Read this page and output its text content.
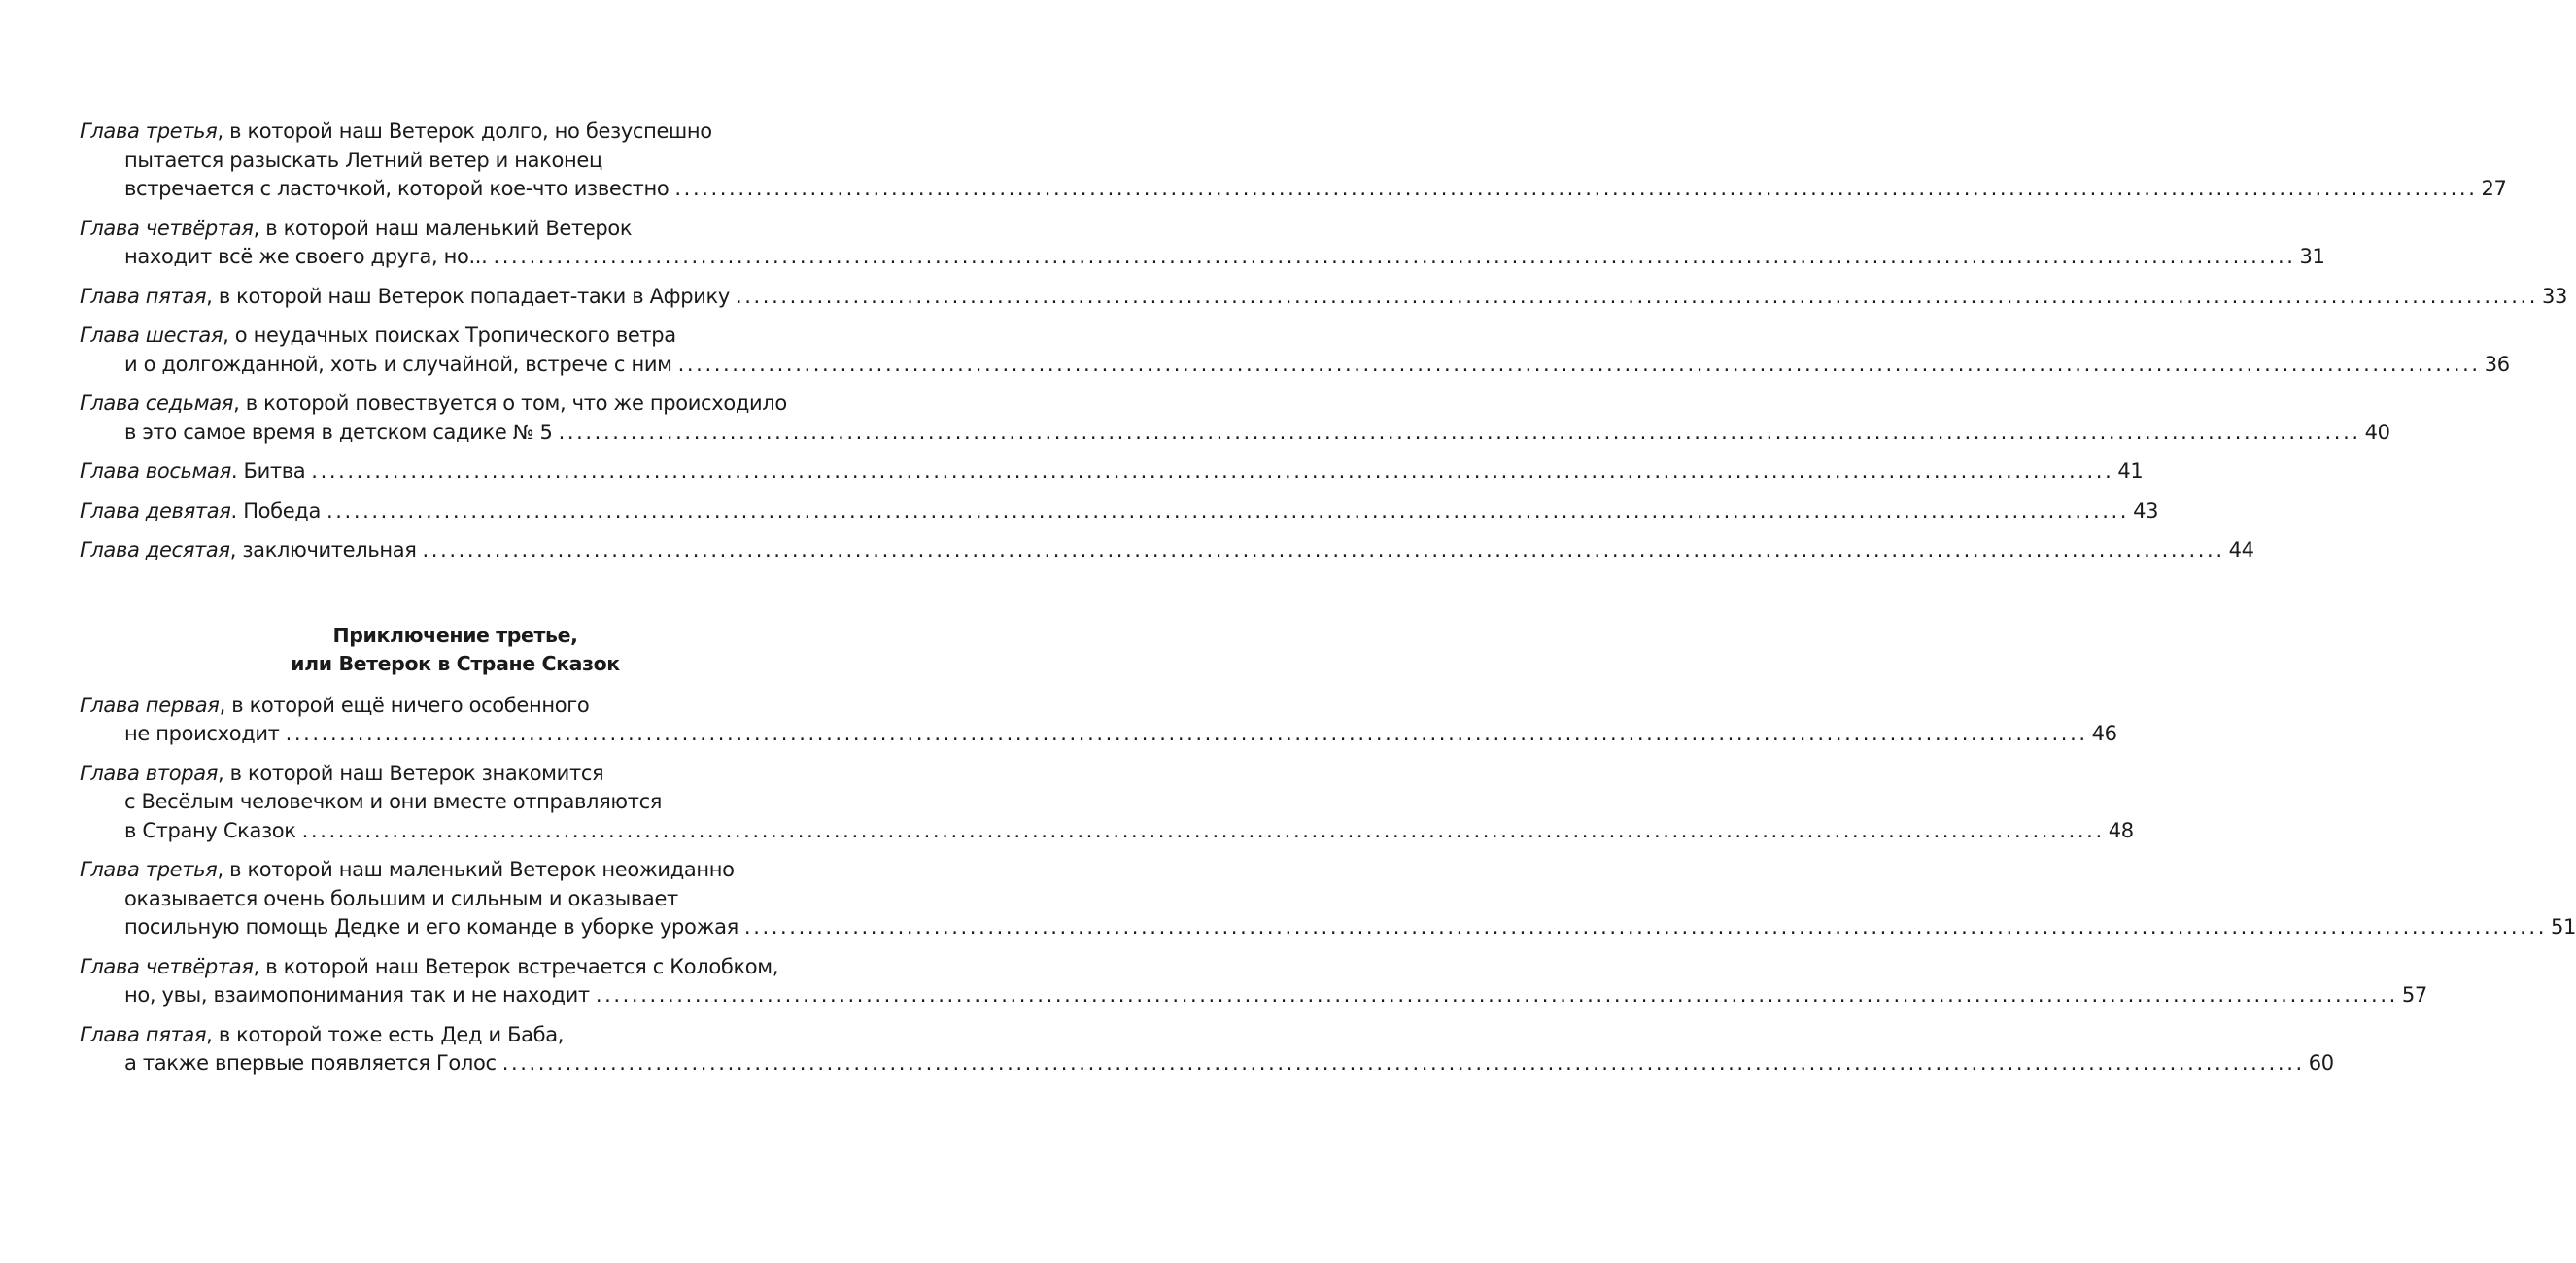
Глава третья, в которой наш Ветерок долго, но безуспешно
пытается разыскать Летний ветер и наконец
встречается с ласточкой, которой кое-что известно ........................................................................................................................................................................................................ 27
Глава четвёртая, в которой наш маленький Ветерок
находит всё же своего друга, но... ........................................................................................................................................................................................................ 31
Глава пятая, в которой наш Ветерок попадает-таки в Африку ........................................................................................................................................................................................................ 33
Глава шестая, о неудачных поисках Тропического ветра
и о долгожданной, хоть и случайной, встрече с ним ........................................................................................................................................................................................................ 36
Глава седьмая, в которой повествуется о том, что же происходило
в это самое время в детском садике № 5 ........................................................................................................................................................................................................ 40
Глава восьмая. Битва ........................................................................................................................................................................................................ 41
Глава девятая. Победа ........................................................................................................................................................................................................ 43
Глава десятая, заключительная ........................................................................................................................................................................................................ 44
Приключение третье,
или Ветерок в Стране Сказок
Глава первая, в которой ещё ничего особенного
не происходит ........................................................................................................................................................................................................ 46
Глава вторая, в которой наш Ветерок знакомится
с Весёлым человечком и они вместе отправляются
в Страну Сказок ........................................................................................................................................................................................................ 48
Глава третья, в которой наш маленький Ветерок неожиданно
оказывается очень большим и сильным и оказывает
посильную помощь Дедке и его команде в уборке урожая ........................................................................................................................................................................................................ 51
Глава четвёртая, в которой наш Ветерок встречается с Колобком,
но, увы, взаимопонимания так и не находит ........................................................................................................................................................................................................ 57
Глава пятая, в которой тоже есть Дед и Баба,
а также впервые появляется Голос ........................................................................................................................................................................................................ 60
